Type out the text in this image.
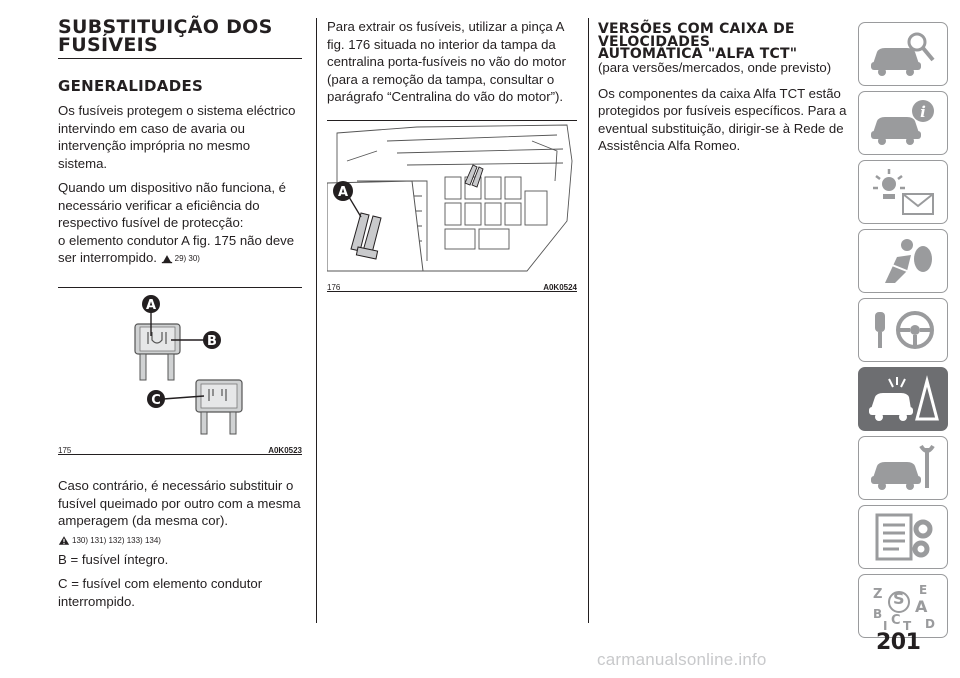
SUBSTITUIÇÃO DOS
FUSÍVEIS
GENERALIDADES

Os fusíveis protegem o sistema eléctrico intervindo em caso de avaria ou intervenção imprópria no mesmo sistema.

Quando um dispositivo não funciona, é necessário verificar a eficiência do respectivo fusível de protecção:

o elemento condutor A fig. 175 não deve ser interrompido. 29) 30)

A
B
C
175	A0K0523

Caso contrário, é necessário substituir o fusível queimado por outro com a mesma amperagem (da mesma cor).

130) 131) 132) 133) 134)

B = fusível íntegro.

C = fusível com elemento condutor interrompido.

Para extrair os fusíveis, utilizar a pinça A fig. 176 situada no interior da tampa da centralina porta-fusíveis no vão do motor (para a remoção da tampa, consultar o parágrafo “Centralina do vão do motor”).

A
176	A0K0524
VERSÕES COM CAIXA DE
VELOCIDADES
AUTOMÁTICA "ALFA TCT"

(para versões/mercados, onde previsto)

Os componentes da caixa Alfa TCT estão protegidos por fusíveis específicos. Para a eventual substituição, dirigir-se à Rede de Assistência Alfa Romeo.

i
Z	E
S A
B C D
T
I
201
carmanualsonline.info
